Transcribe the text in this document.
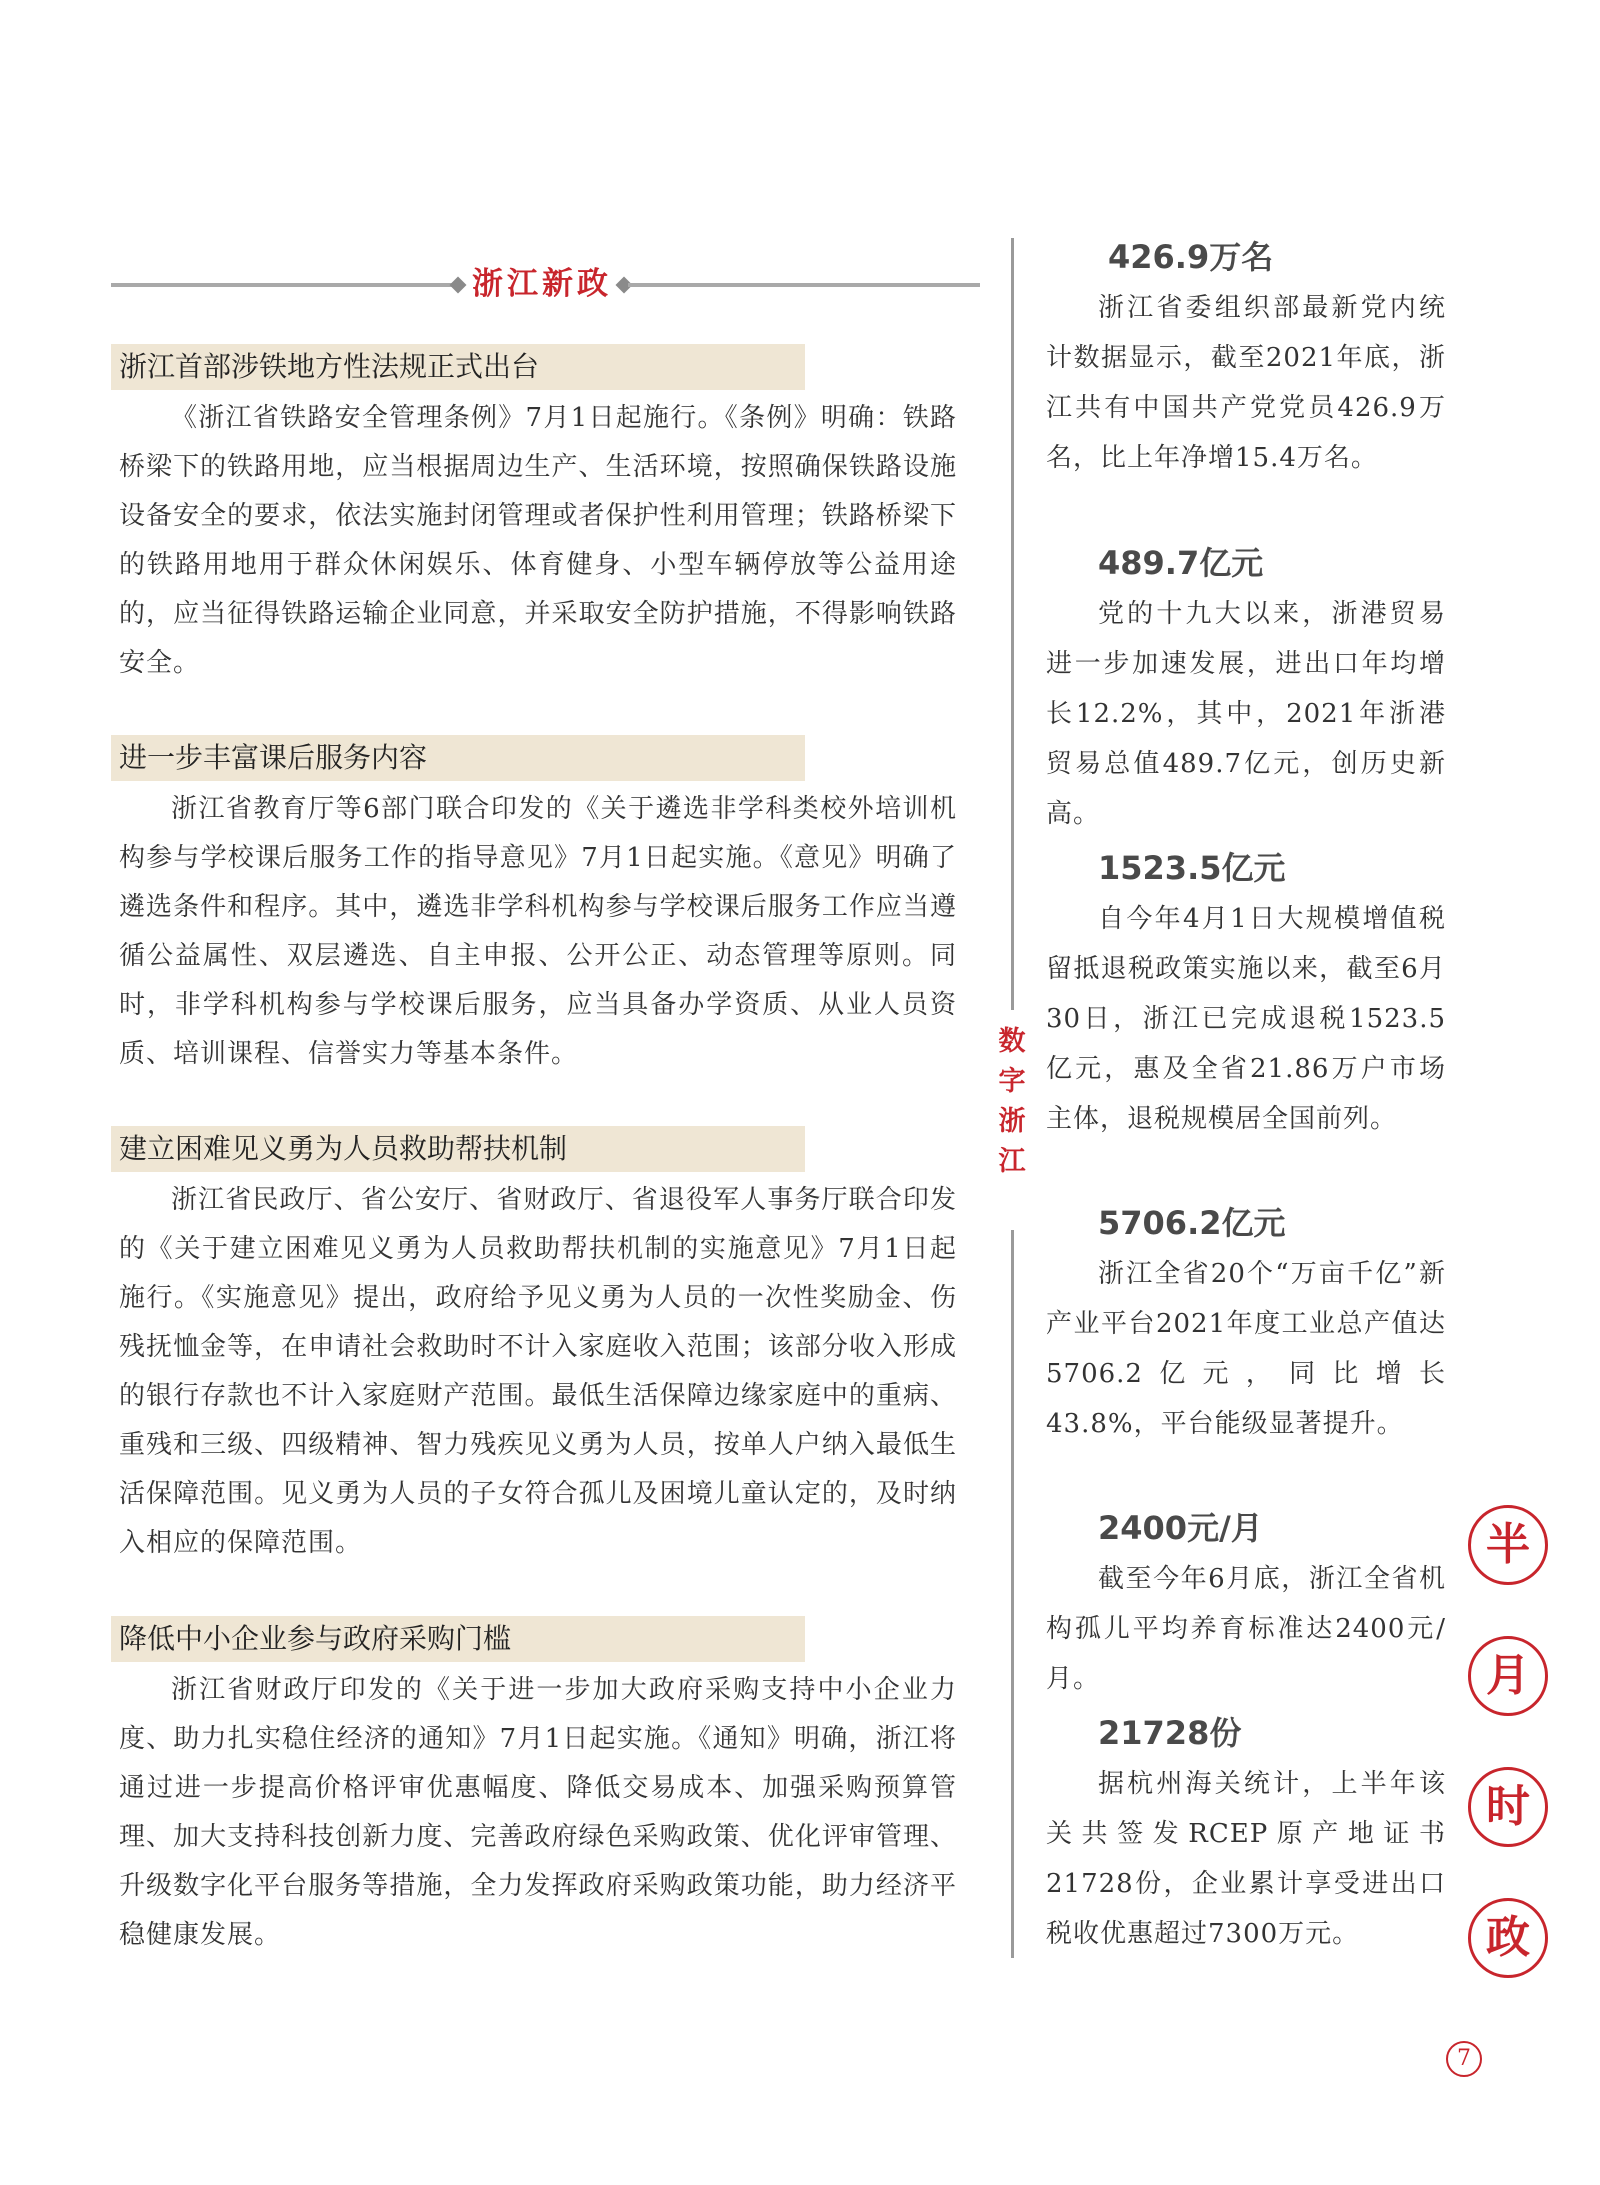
浙江新政
浙江首部涉铁地方性法规正式出台
《浙江省铁路安全管理条例》7月1日起施行。《条例》明确：铁路桥梁下的铁路用地，应当根据周边生产、生活环境，按照确保铁路设施设备安全的要求，依法实施封闭管理或者保护性利用管理；铁路桥梁下的铁路用地用于群众休闲娱乐、体育健身、小型车辆停放等公益用途的，应当征得铁路运输企业同意，并采取安全防护措施，不得影响铁路安全。
进一步丰富课后服务内容
浙江省教育厅等6部门联合印发的《关于遴选非学科类校外培训机构参与学校课后服务工作的指导意见》7月1日起实施。《意见》明确了遴选条件和程序。其中，遴选非学科机构参与学校课后服务工作应当遵循公益属性、双层遴选、自主申报、公开公正、动态管理等原则。同时，非学科机构参与学校课后服务，应当具备办学资质、从业人员资质、培训课程、信誉实力等基本条件。
建立困难见义勇为人员救助帮扶机制
浙江省民政厅、省公安厅、省财政厅、省退役军人事务厅联合印发的《关于建立困难见义勇为人员救助帮扶机制的实施意见》7月1日起施行。《实施意见》提出，政府给予见义勇为人员的一次性奖励金、伤残抚恤金等，在申请社会救助时不计入家庭收入范围；该部分收入形成的银行存款也不计入家庭财产范围。最低生活保障边缘家庭中的重病、重残和三级、四级精神、智力残疾见义勇为人员，按单人户纳入最低生活保障范围。见义勇为人员的子女符合孤儿及困境儿童认定的，及时纳入相应的保障范围。
降低中小企业参与政府采购门槛
浙江省财政厅印发的《关于进一步加大政府采购支持中小企业力度、助力扎实稳住经济的通知》7月1日起实施。《通知》明确，浙江将通过进一步提高价格评审优惠幅度、降低交易成本、加强采购预算管理、加大支持科技创新力度、完善政府绿色采购政策、优化评审管理、升级数字化平台服务等措施，全力发挥政府采购政策功能，助力经济平稳健康发展。
数
字
浙
江
426.9万名
浙江省委组织部最新党内统计数据显示，截至2021年底，浙江共有中国共产党党员426.9万名，比上年净增15.4万名。
489.7亿元
党的十九大以来，浙港贸易进一步加速发展，进出口年均增长12.2%，其中，2021年浙港贸易总值489.7亿元，创历史新高。
1523.5亿元
自今年4月1日大规模增值税留抵退税政策实施以来，截至6月30日，浙江已完成退税1523.5亿元，惠及全省21.86万户市场主体，退税规模居全国前列。
5706.2亿元
浙江全省20个“万亩千亿”新产业平台2021年度工业总产值达5706.2亿元，同比增长43.8%，平台能级显著提升。
2400元/月
截至今年6月底，浙江全省机构孤儿平均养育标准达2400元/月。
21728份
据杭州海关统计，上半年该关共签发RCEP原产地证书21728份，企业累计享受进出口税收优惠超过7300万元。
半
月
时
政
7
